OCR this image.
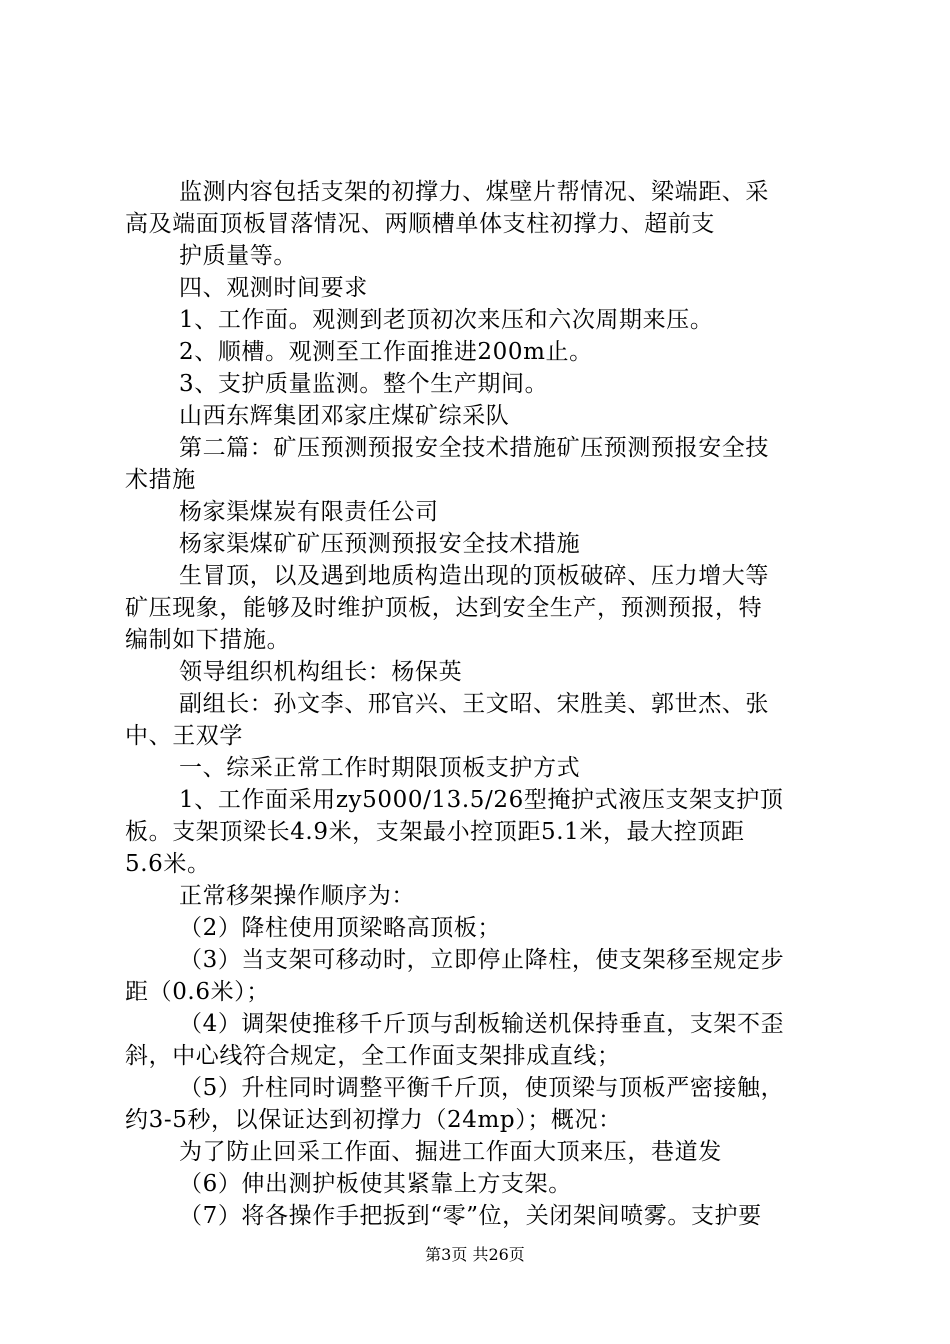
监测内容包括支架的初撑力、煤壁片帮情况、梁端距、采
高及端面顶板冒落情况、两顺槽单体支柱初撑力、超前支
护质量等。
四、观测时间要求
1、工作面。观测到老顶初次来压和六次周期来压。
2、顺槽。观测至工作面推进200m止。
3、支护质量监测。整个生产期间。
山西东辉集团邓家庄煤矿综采队
第二篇：矿压预测预报安全技术措施矿压预测预报安全技
术措施
杨家渠煤炭有限责任公司
杨家渠煤矿矿压预测预报安全技术措施
生冒顶，以及遇到地质构造出现的顶板破碎、压力增大等
矿压现象，能够及时维护顶板，达到安全生产，预测预报，特
编制如下措施。
领导组织机构组长：杨保英
副组长：孙文李、邢官兴、王文昭、宋胜美、郭世杰、张
中、王双学
一、综采正常工作时期限顶板支护方式
1、工作面采用zy5000/13.5/26型掩护式液压支架支护顶
板。支架顶梁长4.9米，支架最小控顶距5.1米，最大控顶距
5.6米。
正常移架操作顺序为：
（2）降柱使用顶梁略高顶板；
（3）当支架可移动时，立即停止降柱，使支架移至规定步
距（0.6米）；
（4）调架使推移千斤顶与刮板输送机保持垂直，支架不歪
斜，中心线符合规定，全工作面支架排成直线；
（5）升柱同时调整平衡千斤顶，使顶梁与顶板严密接触，
约3-5秒，以保证达到初撑力（24mp）；概况：
为了防止回采工作面、掘进工作面大顶来压，巷道发
（6）伸出测护板使其紧靠上方支架。
（7）将各操作手把扳到“零”位，关闭架间喷雾。支护要
第3页 共26页
